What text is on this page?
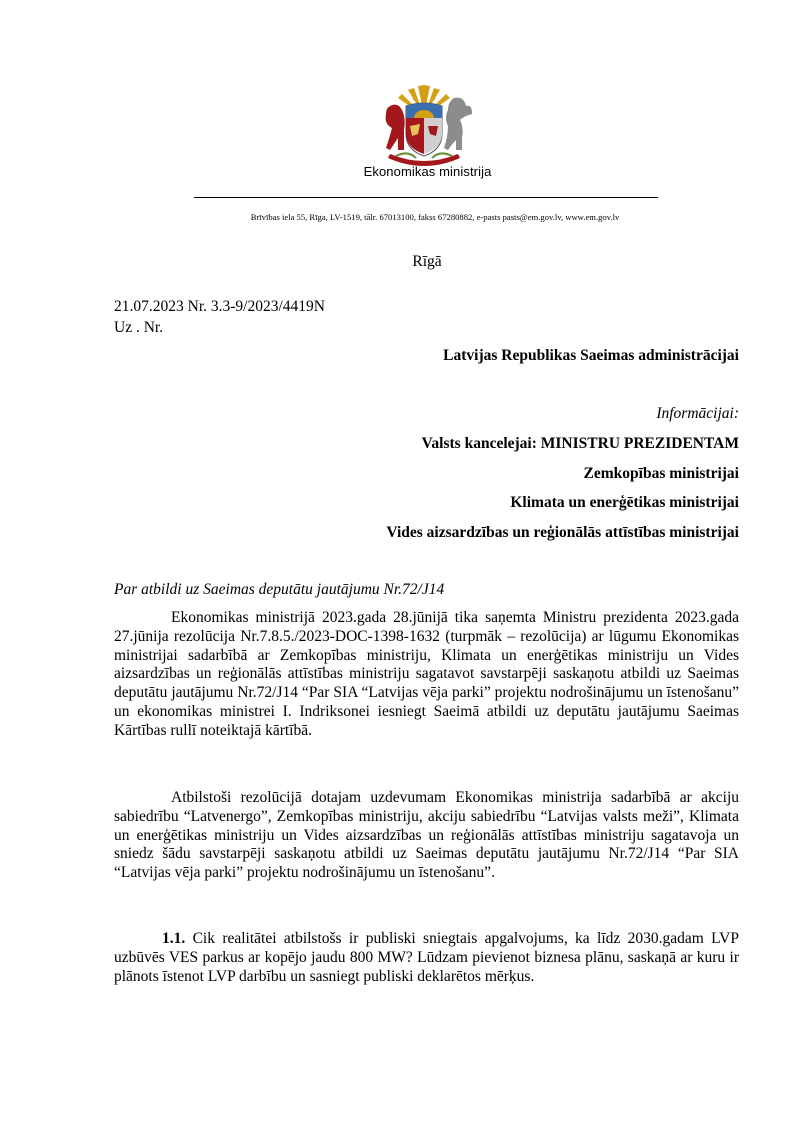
Ekonomikas ministrija
Brīvības iela 55, Rīga, LV-1519, tālr. 67013100, fakss 67280882, e-pasts pasts@em.gov.lv, www.em.gov.lv
Rīgā
21.07.2023 Nr. 3.3-9/2023/4419N
Uz . Nr.
Latvijas Republikas Saeimas administrācijai
Informācijai:
Valsts kancelejai: MINISTRU PREZIDENTAM
Zemkopības ministrijai
Klimata un enerģētikas ministrijai
Vides aizsardzības un reģionālās attīstības ministrijai
Par atbildi uz Saeimas deputātu jautājumu Nr.72/J14

Ekonomikas ministrijā 2023.gada 28.jūnijā tika saņemta Ministru prezidenta 2023.gada 27.jūnija rezolūcija Nr.7.8.5./2023-DOC-1398-1632 (turpmāk – rezolūcija) ar lūgumu Ekonomikas ministrijai sadarbībā ar Zemkopības ministriju, Klimata un enerģētikas ministriju un Vides aizsardzības un reģionālās attīstības ministriju sagatavot savstarpēji saskaņotu atbildi uz Saeimas deputātu jautājumu Nr.72/J14 “Par SIA “Latvijas vēja parki” projektu nodrošinājumu un īstenošanu” un ekonomikas ministrei I. Indriksonei iesniegt Saeimā atbildi uz deputātu jautājumu Saeimas Kārtības rullī noteiktajā kārtībā.

Atbilstoši rezolūcijā dotajam uzdevumam Ekonomikas ministrija sadarbībā ar akciju sabiedrību “Latvenergo”, Zemkopības ministriju, akciju sabiedrību “Latvijas valsts meži”, Klimata un enerģētikas ministriju un Vides aizsardzības un reģionālās attīstības ministriju sagatavoja un sniedz šādu savstarpēji saskaņotu atbildi uz Saeimas deputātu jautājumu Nr.72/J14 “Par SIA “Latvijas vēja parki” projektu nodrošinājumu un īstenošanu”.

1.1. Cik realitātei atbilstošs ir publiski sniegtais apgalvojums, ka līdz 2030.gadam LVP uzbūvēs VES parkus ar kopējo jaudu 800 MW? Lūdzam pievienot biznesa plānu, saskaņā ar kuru ir plānots īstenot LVP darbību un sasniegt publiski deklarētos mērķus.
